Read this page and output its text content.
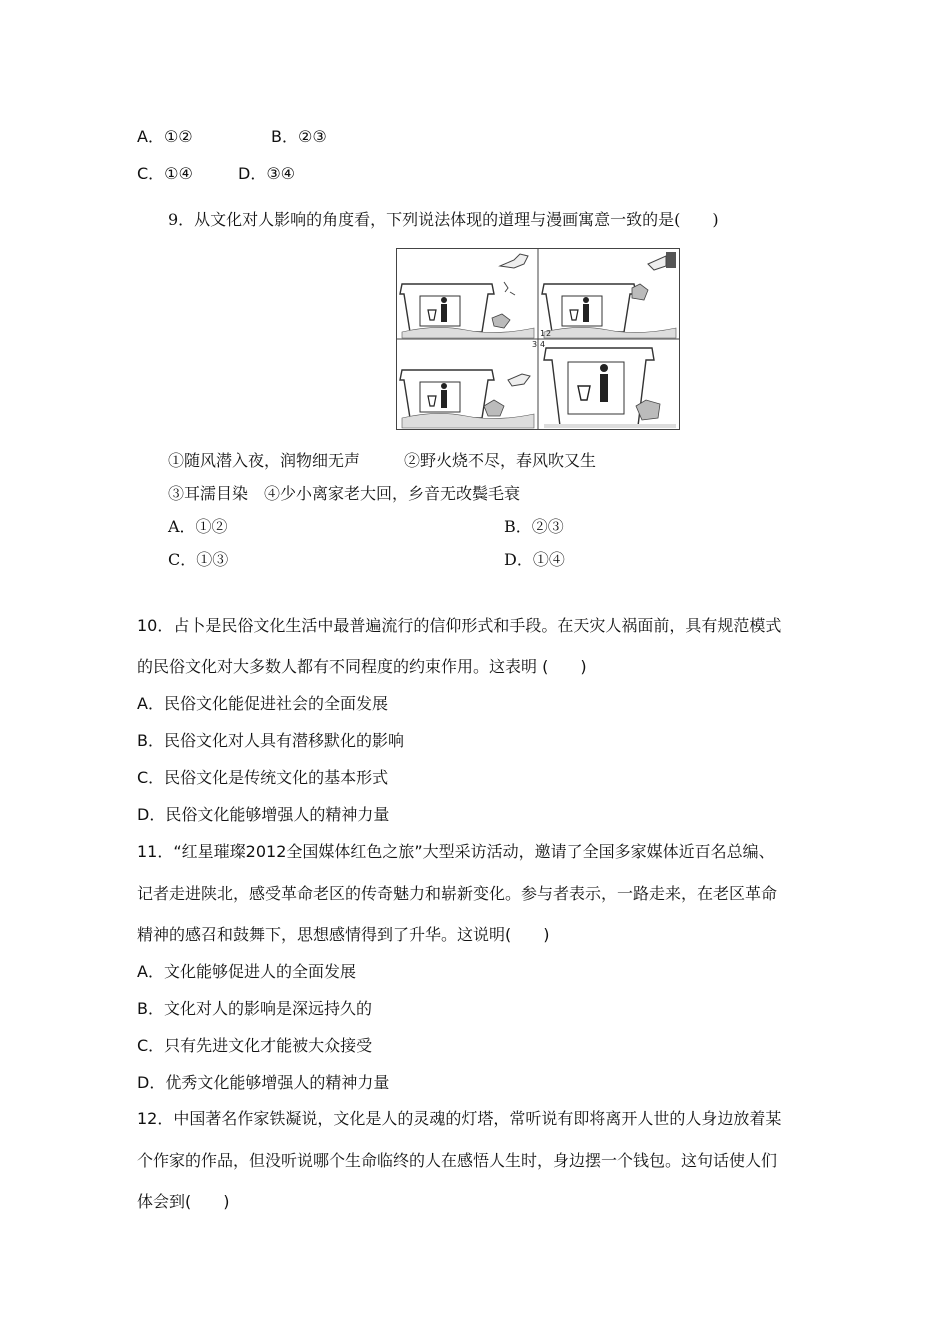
A．①②	B．②③
C．①④	D．③④
9．从文化对人影响的角度看，下列说法体现的道理与漫画寓意一致的是(　　)
1 2
3 4
①随风潜入夜，润物细无声	②野火烧不尽，春风吹又生
③耳濡目染 ④少小离家老大回，乡音无改鬓毛衰
A．①②	B．②③
C．①③	D．①④
10．占卜是民俗文化生活中最普遍流行的信仰形式和手段。在天灾人祸面前，具有规范模式
的民俗文化对大多数人都有不同程度的约束作用。这表明 (　　)
A．民俗文化能促进社会的全面发展
B．民俗文化对人具有潜移默化的影响
C．民俗文化是传统文化的基本形式
D．民俗文化能够增强人的精神力量
11．“红星璀璨2012全国媒体红色之旅”大型采访活动，邀请了全国多家媒体近百名总编、
记者走进陕北，感受革命老区的传奇魅力和崭新变化。参与者表示，一路走来，在老区革命
精神的感召和鼓舞下，思想感情得到了升华。这说明(　　)
A．文化能够促进人的全面发展
B．文化对人的影响是深远持久的
C．只有先进文化才能被大众接受
D．优秀文化能够增强人的精神力量
12．中国著名作家铁凝说，文化是人的灵魂的灯塔，常听说有即将离开人世的人身边放着某
个作家的作品，但没听说哪个生命临终的人在感悟人生时，身边摆一个钱包。这句话使人们
体会到(　　)
